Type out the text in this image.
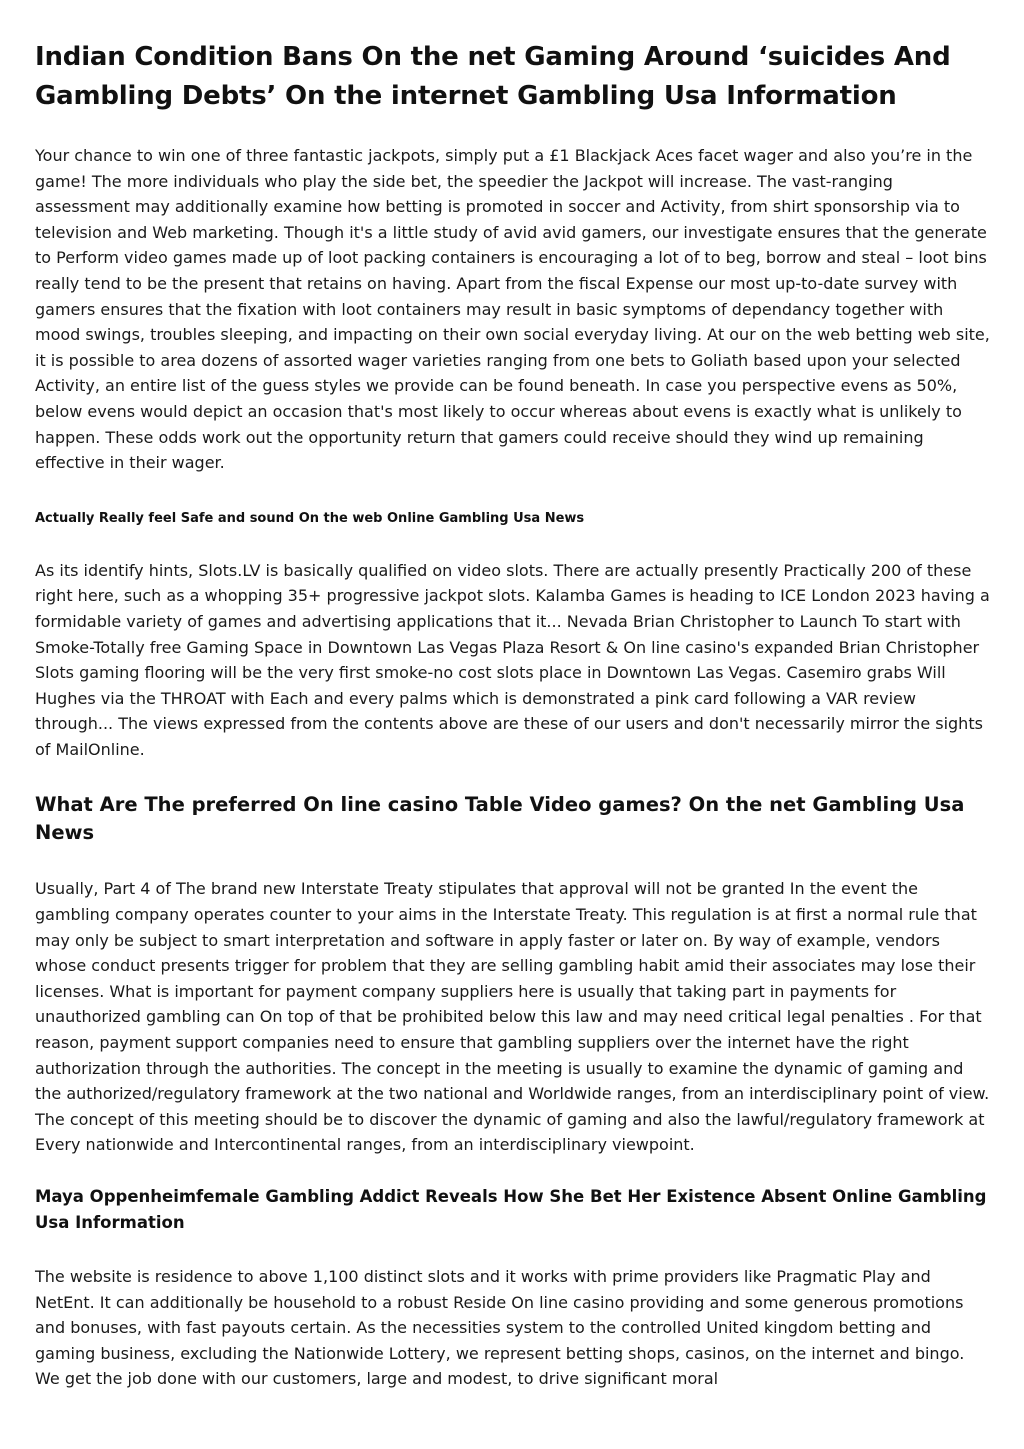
Indian Condition Bans On the net Gaming Around ‘suicides And Gambling Debts’ On the internet Gambling Usa Information

Your chance to win one of three fantastic jackpots, simply put a £1 Blackjack Aces facet wager and also you’re in the game! The more individuals who play the side bet, the speedier the Jackpot will increase. The vast-ranging assessment may additionally examine how betting is promoted in soccer and Activity, from shirt sponsorship via to television and Web marketing. Though it's a little study of avid avid gamers, our investigate ensures that the generate to Perform video games made up of loot packing containers is encouraging a lot of to beg, borrow and steal – loot bins really tend to be the present that retains on having. Apart from the fiscal Expense our most up-to-date survey with gamers ensures that the fixation with loot containers may result in basic symptoms of dependancy together with mood swings, troubles sleeping, and impacting on their own social everyday living. At our on the web betting web site, it is possible to area dozens of assorted wager varieties ranging from one bets to Goliath based upon your selected Activity, an entire list of the guess styles we provide can be found beneath. In case you perspective evens as 50%, below evens would depict an occasion that's most likely to occur whereas about evens is exactly what is unlikely to happen. These odds work out the opportunity return that gamers could receive should they wind up remaining effective in their wager.

Actually Really feel Safe and sound On the web Online Gambling Usa News

As its identify hints, Slots.LV is basically qualified on video slots. There are actually presently Practically 200 of these right here, such as a whopping 35+ progressive jackpot slots. Kalamba Games is heading to ICE London 2023 having a formidable variety of games and advertising applications that it... Nevada Brian Christopher to Launch To start with Smoke-Totally free Gaming Space in Downtown Las Vegas Plaza Resort & On line casino's expanded Brian Christopher Slots gaming flooring will be the very first smoke-no cost slots place in Downtown Las Vegas. Casemiro grabs Will Hughes via the THROAT with Each and every palms which is demonstrated a pink card following a VAR review through... The views expressed from the contents above are these of our users and don't necessarily mirror the sights of MailOnline.

What Are The preferred On line casino Table Video games? On the net Gambling Usa News

Usually, Part 4 of The brand new Interstate Treaty stipulates that approval will not be granted In the event the gambling company operates counter to your aims in the Interstate Treaty. This regulation is at first a normal rule that may only be subject to smart interpretation and software in apply faster or later on. By way of example, vendors whose conduct presents trigger for problem that they are selling gambling habit amid their associates may lose their licenses. What is important for payment company suppliers here is usually that taking part in payments for unauthorized gambling can On top of that be prohibited below this law and may need critical legal penalties . For that reason, payment support companies need to ensure that gambling suppliers over the internet have the right authorization through the authorities. The concept in the meeting is usually to examine the dynamic of gaming and the authorized/regulatory framework at the two national and Worldwide ranges, from an interdisciplinary point of view. The concept of this meeting should be to discover the dynamic of gaming and also the lawful/regulatory framework at Every nationwide and Intercontinental ranges, from an interdisciplinary viewpoint.

Maya Oppenheimfemale Gambling Addict Reveals How She Bet Her Existence Absent Online Gambling Usa Information

The website is residence to above 1,100 distinct slots and it works with prime providers like Pragmatic Play and NetEnt. It can additionally be household to a robust Reside On line casino providing and some generous promotions and bonuses, with fast payouts certain. As the necessities system to the controlled United kingdom betting and gaming business, excluding the Nationwide Lottery, we represent betting shops, casinos, on the internet and bingo. We get the job done with our customers, large and modest, to drive significant moral
